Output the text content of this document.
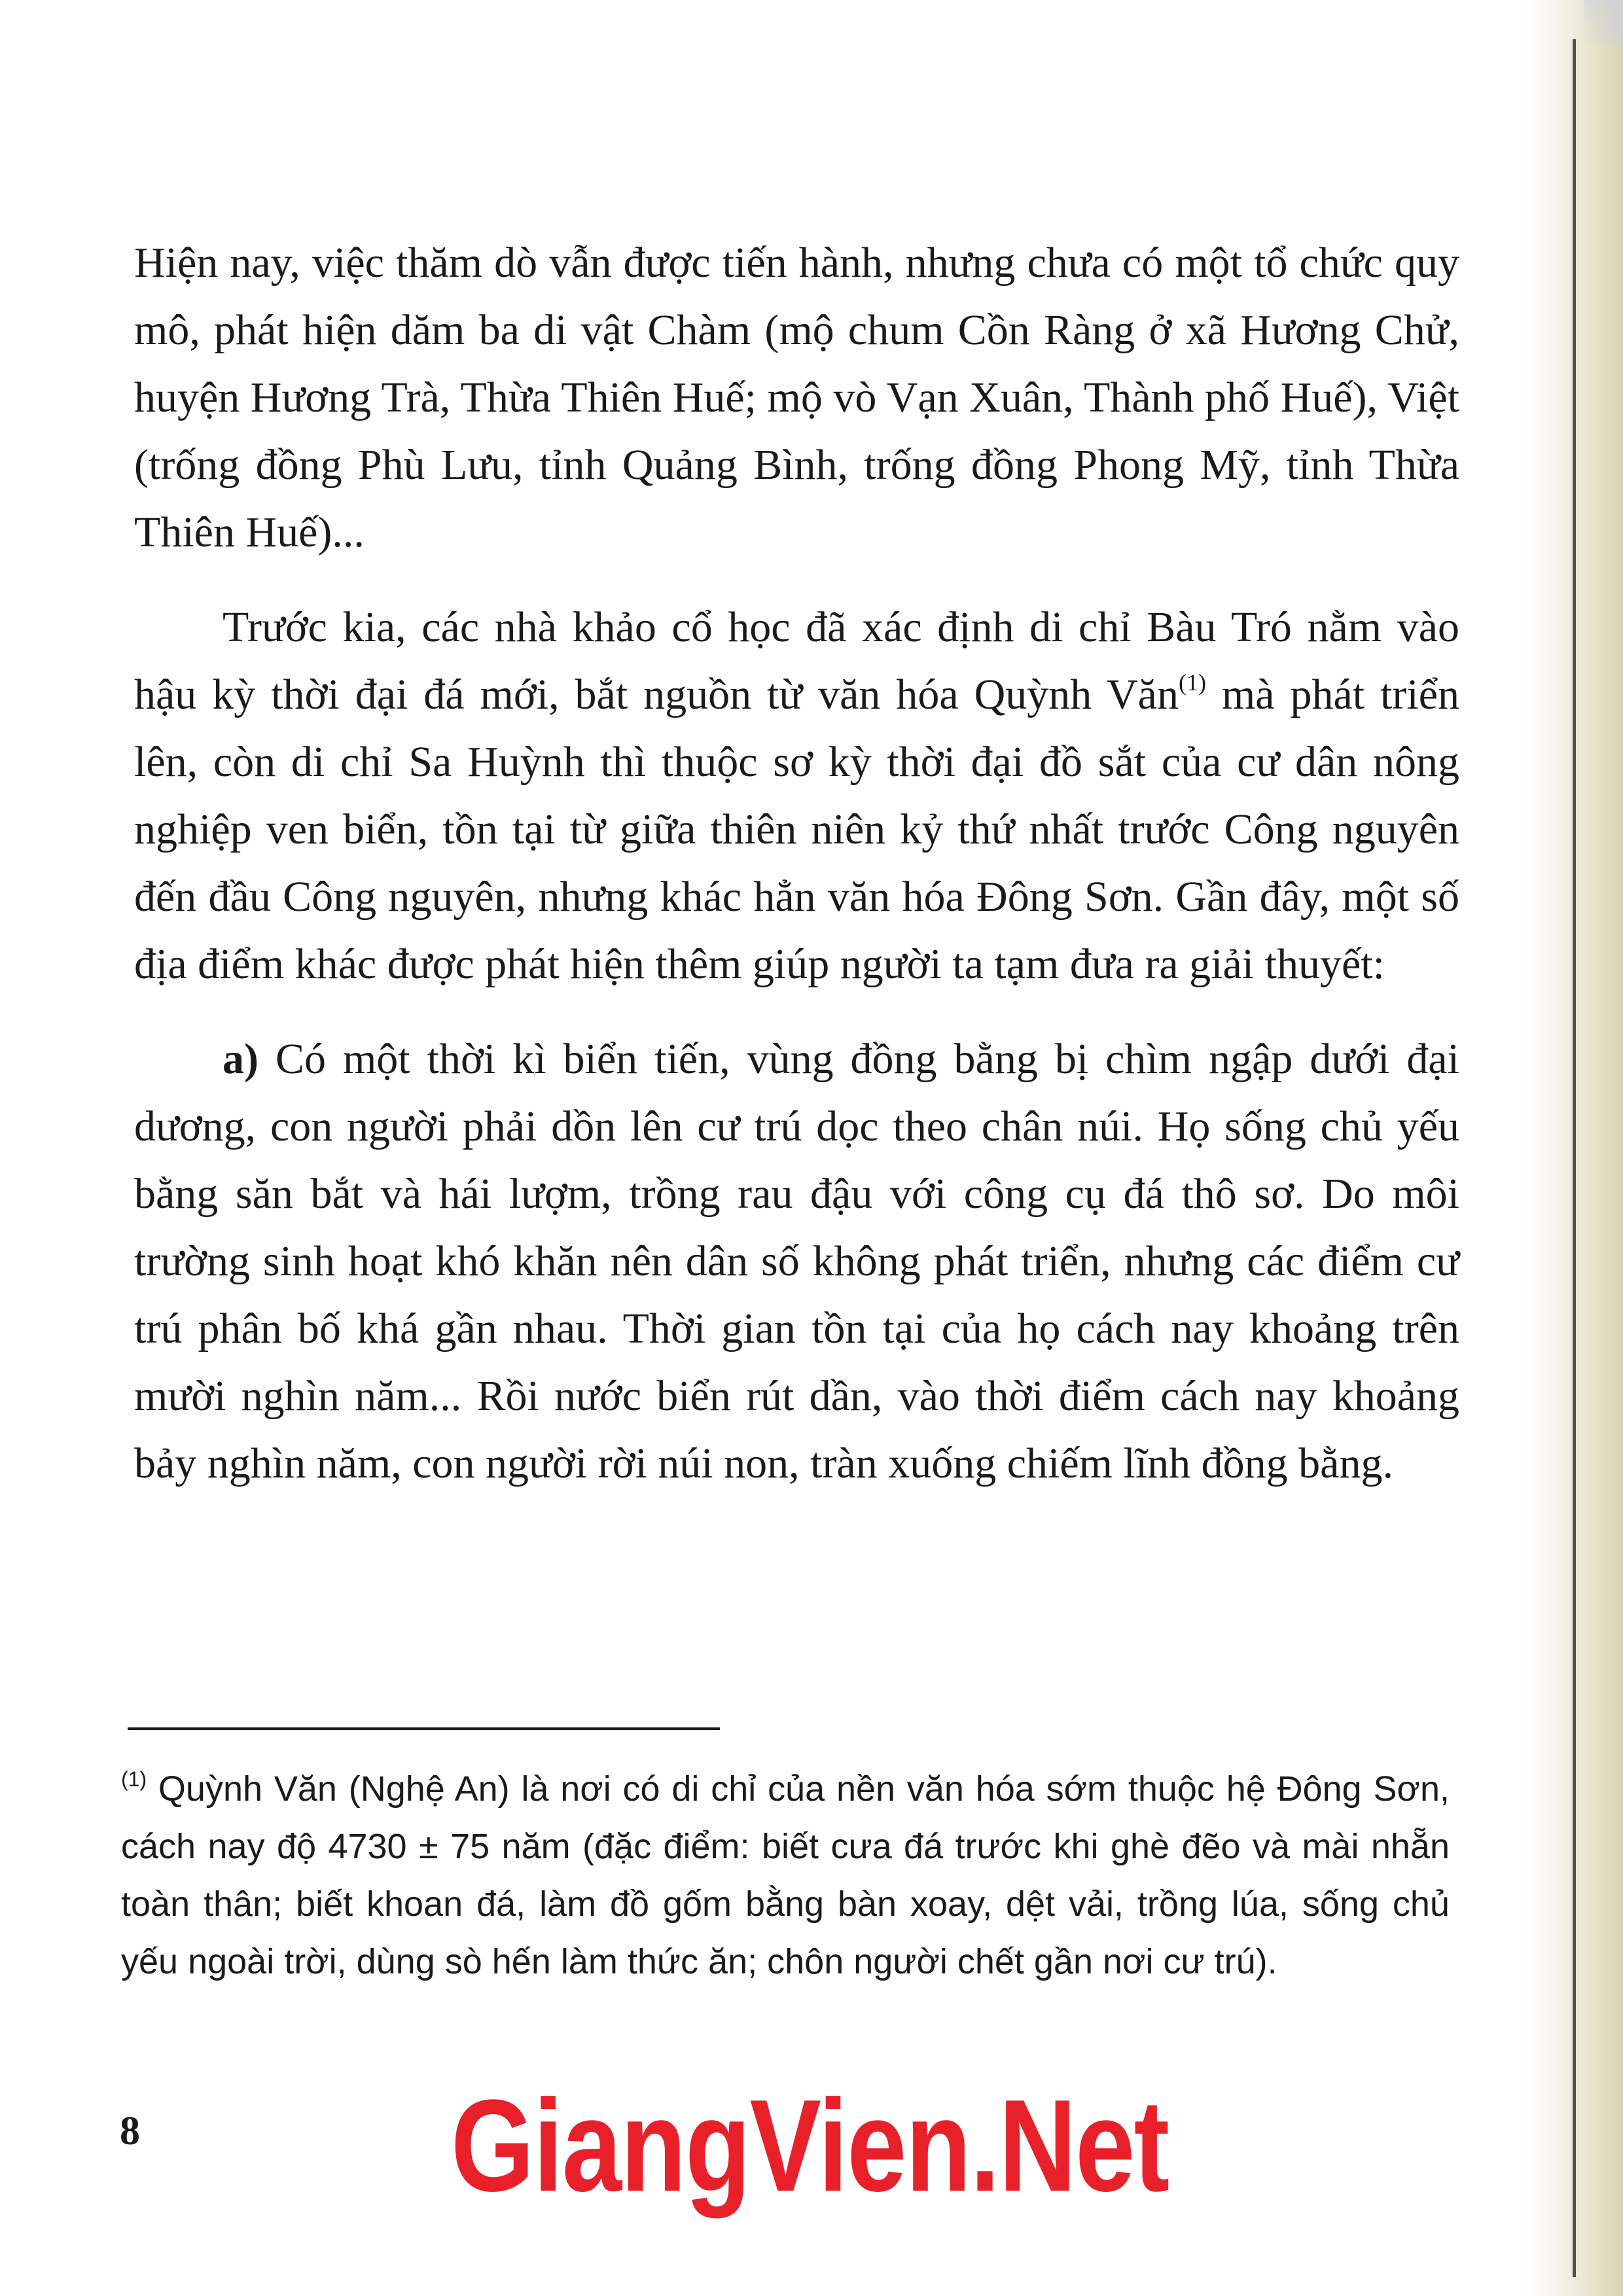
Hiện nay, việc thăm dò vẫn được tiến hành, nhưng chưa có một tổ chức quy mô, phát hiện dăm ba di vật Chàm (mộ chum Cồn Ràng ở xã Hương Chử, huyện Hương Trà, Thừa Thiên Huế; mộ vò Vạn Xuân, Thành phố Huế), Việt (trống đồng Phù Lưu, tỉnh Quảng Bình, trống đồng Phong Mỹ, tỉnh Thừa Thiên Huế)...

Trước kia, các nhà khảo cổ học đã xác định di chỉ Bàu Tró nằm vào hậu kỳ thời đại đá mới, bắt nguồn từ văn hóa Quỳnh Văn$^{(1)}$ mà phát triển lên, còn di chỉ Sa Huỳnh thì thuộc sơ kỳ thời đại đồ sắt của cư dân nông nghiệp ven biển, tồn tại từ giữa thiên niên kỷ thứ nhất trước Công nguyên đến đầu Công nguyên, nhưng khác hẳn văn hóa Đông Sơn. Gần đây, một số địa điểm khác được phát hiện thêm giúp người ta tạm đưa ra giải thuyết:

a) Có một thời kì biển tiến, vùng đồng bằng bị chìm ngập dưới đại dương, con người phải dồn lên cư trú dọc theo chân núi. Họ sống chủ yếu bằng săn bắt và hái lượm, trồng rau đậu với công cụ đá thô sơ. Do môi trường sinh hoạt khó khăn nên dân số không phát triển, nhưng các điểm cư trú phân bố khá gần nhau. Thời gian tồn tại của họ cách nay khoảng trên mười nghìn năm... Rồi nước biển rút dần, vào thời điểm cách nay khoảng bảy nghìn năm, con người rời núi non, tràn xuống chiếm lĩnh đồng bằng.

$^{(1)}$ Quỳnh Văn (Nghệ An) là nơi có di chỉ của nền văn hóa sớm thuộc hệ Đông Sơn, cách nay độ 4730 ± 75 năm (đặc điểm: biết cưa đá trước khi ghè đẽo và mài nhẵn toàn thân; biết khoan đá, làm đồ gốm bằng bàn xoay, dệt vải, trồng lúa, sống chủ yếu ngoài trời, dùng sò hến làm thức ăn; chôn người chết gần nơi cư trú).

8	GiangVien.Net
